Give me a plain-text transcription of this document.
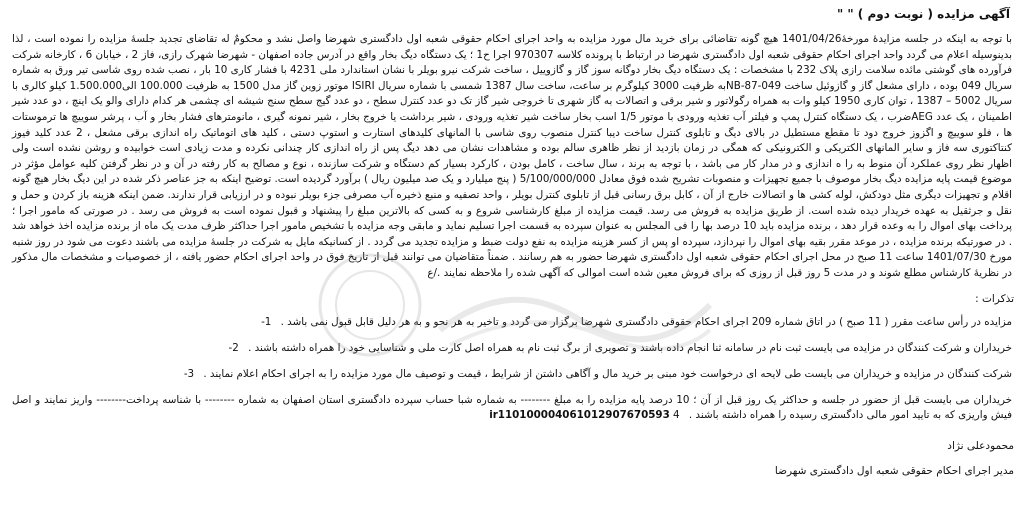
آگهی مزایده ( نوبت دوم ) " "

با توجه به اینکه در جلسه مزایدۀ مورخۀ1401/04/26 هیچ گونه تقاضائی برای خرید مال مورد مزایده به واحد اجرای احکام حقوقی شعبه اول دادگستری شهرضا واصل نشد و محکومٌ له تقاضای تجدید جلسۀ مزایده را نموده است ، لذا بدینوسیله اعلام می گردد واحد اجرای احکام حقوقی شعبه اول دادگستری شهرضا در ارتباط با پرونده کلاسه 970307 اجرا ح1 ؛ یک دستگاه دیگ بخار واقع در آدرس جاده اصفهان - شهرضا شهرک رازی، فاز 2 ، خیابان 6 ، کارخانه شرکت فرآورده های گوشتی مائده سلامت رازی پلاک 232 با مشخصات : یک دستگاه دیگ بخار دوگانه سوز گاز و گازوییل ، ساخت شرکت نیرو بویلر با نشان استاندارد ملی 4231 با فشار کاری 10 بار ، نصب شده روی شاسی تیر ورق به شماره سریال 049 بوده ، دارای مشعل گاز و گازوئیل ساخت NB-87-049به ظرفیت 3000 کیلوگرم بر ساعت، ساخت سال 1387 شمسی با شماره سریال ISIRI موتور زوین گاز مدل 1500 به ظرفیت 100.000 الی1.500.000 کیلو کالری با سریال 5002 – 1387 ، توان کاری 1950 کیلو وات به همراه رگولاتور و شیر برقی و اتصالات به گاز شهری تا خروجی شیر گاز تک دو عدد کنترل سطح ، دو عدد گیج سطح سنج شیشه ای چشمی هر کدام دارای والو یک اینچ ، دو عدد شیر اطمینان ، یک عدد AEGضرب ، یک دستگاه کنترل پمپ و فیلتر آب تغذیه ورودی با موتور 1/5 اسب بخار ساخت شیر تغذیه ورودی ، شیر برداشت یا خروج بخار ، شیر نمونه گیری ، مانومترهای فشار بخار و آب ، پرشر سوییچ ها ترموستات ها ، فلو سوییچ و اگزوز خروج دود تا مقطع مستطیل در بالای دیگ و تابلوی کنترل ساخت دیبا کنترل منصوب روی شاسی با المانهای کلیدهای استارت و استوپ دستی ، کلید های اتوماتیک راه اندازی برقی مشعل ، 2 عدد کلید فیوز کنتاکتوری سه فاز و سایر المانهای الکتریکی و الکترونیکی که همگی در زمان بازدید از نظر ظاهری سالم بوده و مشاهدات نشان می دهد دیگ پس از راه اندازی کار چندانی نکرده و مدت زیادی است خوابیده و روشن نشده است ولی اظهار نظر روی عملکرد آن منوط به را ه اندازی و در مدار کار می باشد ، با توجه به برند ، سال ساخت ، کامل بودن ، کارکرد بسیار کم دستگاه و شرکت سازنده ، نوع و مصالح به کار رفته در آن و در نظر گرفتن کلیه عوامل مؤثر در موضوع قیمت پایه مزایده دیگ بخار موصوف با جمیع تجهیزات و منصوبات تشریح شده فوق معادل 5/100/000/000 ( پنج میلیارد و یک صد میلیون ریال ) برآورد گردیده است. توضیح اینکه به جز عناصر ذکر شده در این دیگ بخار هیچ گونه اقلام و تجهیزات دیگری مثل دودکش، لوله کشی ها و اتصالات خارج از آن ، کابل برق رسانی قبل از تابلوی کنترل بویلر ، واحد تصفیه و منبع ذخیره آب مصرفی جزء بویلر نبوده و در ارزیابی قرار ندارند. ضمن اینکه هزینه باز کردن و حمل و نقل و جرثقیل به عهده خریدار دیده شده است. از طریق مزایده به فروش می رسد. قیمت مزایده از مبلغ کارشناسی شروع و به کسی که بالاترین مبلغ را پیشنهاد و قبول نموده است به فروش می رسد . در صورتی که مامور اجرا ؛ پرداخت بهای اموال را به وعده قرار دهد ، برنده مزایده باید 10 درصد بها را فی المجلس به عنوان سپرده به قسمت اجرا تسلیم نماید و مابقی وجه مزایده با تشخیص مامور اجرا حداکثر ظرف مدت یک ماه از برنده مزایده اخذ خواهد شد . در صورتیکه برنده مزایده ، در موعد مقرر بقیه بهای اموال را نپردازد، سپرده او پس از کسر هزینه مزایده به نفع دولت ضبط و مزایده تجدید می گردد . از کسانیکه مایل به شرکت در جلسۀ مزایده می باشند دعوت می شود در روز شنبه مورخ 1401/07/30 ساعت 11 صبح در محل اجرای احکام حقوقی شعبه اول دادگستری شهرضا حضور به هم رسانند . ضمناً متقاضیان می توانند قبل از تاریخ فوق در واحد اجرای احکام حضور یافته ، از خصوصیات و مشخصات مال مذکور در نظریۀ کارشناس مطلع شوند و در مدت 5 روز قبل از روزی که برای فروش معین شده است اموالی که آگهی شده را ملاحظه نمایند ./ع

تذکرات :
مزایده در رأس ساعت مقرر ( 11 صبح ) در اتاق شماره 209 اجرای احکام حقوقی دادگستری شهرضا برگزار می گردد و تاخیر به هر نحو و به هر دلیل قابل قبول نمی باشد . 1-
خریداران و شرکت کنندگان در مزایده می بایست ثبت نام در سامانه ثنا انجام داده باشند و تصویری از برگ ثبت نام به همراه اصل کارت ملی و شناسایی خود را همراه داشته باشند . 2-
شرکت کنندگان در مزایده و خریداران می بایست طی لایحه ای درخواست خود مبنی بر خرید مال و آگاهی داشتن از شرایط ، قیمت و توصیف مال مورد مزایده را به اجرای احکام اعلام نمایند . 3-
خریداران می بایست قبل از حضور در جلسه و حداکثر یک روز قبل از آن ؛ 10 درصد پایه مزایده را به مبلغ -------- به شماره شبا حساب سپرده دادگستری استان اصفهان به شماره -------- با شناسه پرداخت-------- واریز نمایند و اصل فیش واریزی که به تایید امور مالی دادگستری رسیده را همراه داشته باشند . 4 ir110100004061012907670593
محمودعلی نژاد
مدیر اجرای احکام حقوقی شعبه اول دادگستری شهرضا
